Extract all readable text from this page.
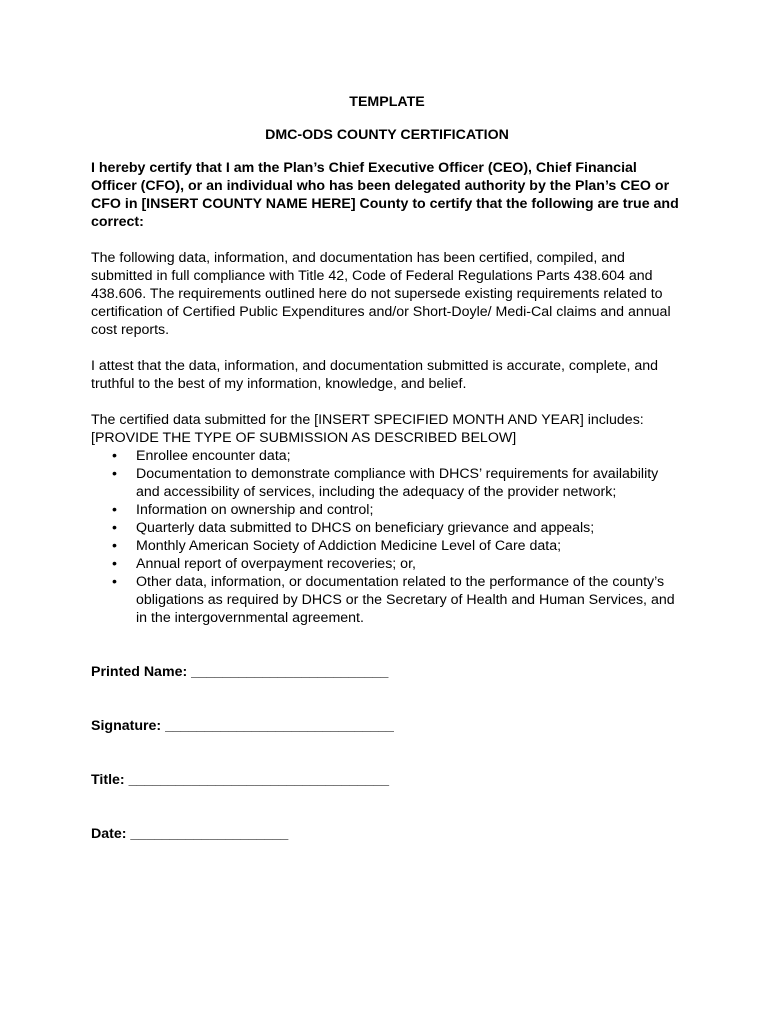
TEMPLATE

DMC-ODS COUNTY CERTIFICATION

I hereby certify that I am the Plan’s Chief Executive Officer (CEO), Chief Financial Officer (CFO), or an individual who has been delegated authority by the Plan’s CEO or CFO in [INSERT COUNTY NAME HERE] County to certify that the following are true and correct:

The following data, information, and documentation has been certified, compiled, and submitted in full compliance with Title 42, Code of Federal Regulations Parts 438.604 and 438.606. The requirements outlined here do not supersede existing requirements related to certification of Certified Public Expenditures and/or Short-Doyle/ Medi-Cal claims and annual cost reports.

I attest that the data, information, and documentation submitted is accurate, complete, and truthful to the best of my information, knowledge, and belief.

The certified data submitted for the [INSERT SPECIFIED MONTH AND YEAR] includes: [PROVIDE THE TYPE OF SUBMISSION AS DESCRIBED BELOW]

• Enrollee encounter data;
• Documentation to demonstrate compliance with DHCS’ requirements for availability and accessibility of services, including the adequacy of the provider network;
• Information on ownership and control;
• Quarterly data submitted to DHCS on beneficiary grievance and appeals;
• Monthly American Society of Addiction Medicine Level of Care data;
• Annual report of overpayment recoveries; or,
• Other data, information, or documentation related to the performance of the county’s obligations as required by DHCS or the Secretary of Health and Human Services, and in the intergovernmental agreement.

Printed Name: _________________________

Signature: _____________________________

Title: _________________________________

Date: ____________________
